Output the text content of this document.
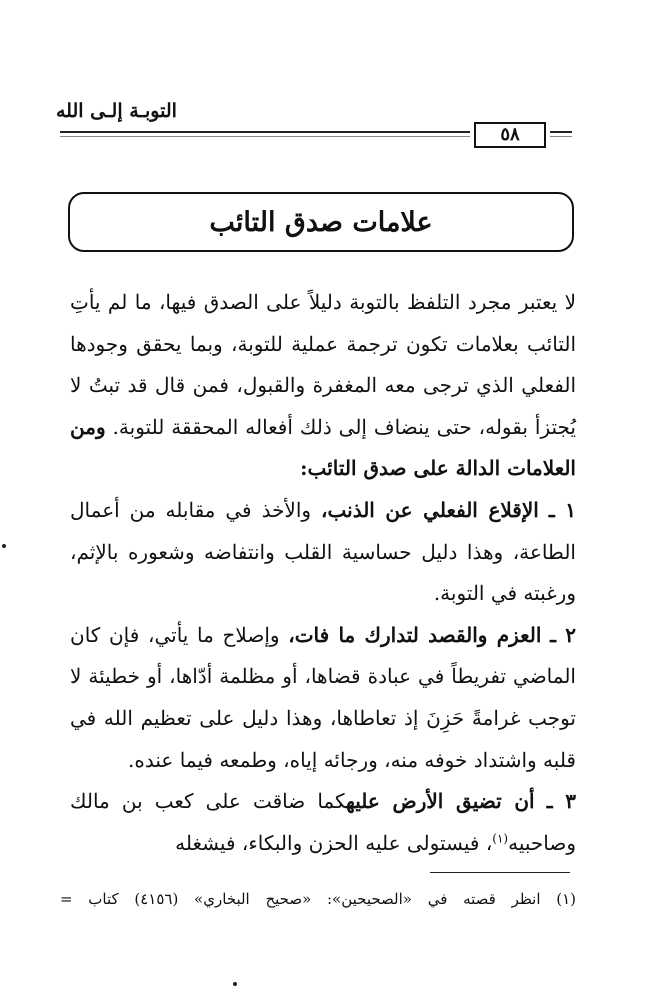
التوبـة إلـى الله
٥٨
علامات صدق التائب

لا يعتبر مجرد التلفظ بالتوبة دليلاً على الصدق فيها، ما لم يأتِ التائب بعلامات تكون ترجمة عملية للتوبة، وبما يحقق وجودها الفعلي الذي ترجى معه المغفرة والقبول، فمن قال قد تبتُ لا يُجتزأ بقوله، حتى ينضاف إلى ذلك أفعاله المحققة للتوبة. ومن العلامات الدالة على صدق التائب:

١ ـ الإقلاع الفعلي عن الذنب، والأخذ في مقابله من أعمال الطاعة، وهذا دليل حساسية القلب وانتفاضه وشعوره بالإثم، ورغبته في التوبة.

٢ ـ العزم والقصد لتدارك ما فات، وإصلاح ما يأتي، فإن كان الماضي تفريطاً في عبادة قضاها، أو مظلمة أدّاها، أو خطيئة لا توجب غرامةً حَزِنَ إذ تعاطاها، وهذا دليل على تعظيم الله في قلبه واشتداد خوفه منه، ورجائه إياه، وطمعه فيما عنده.

٣ ـ أن تضيق الأرض عليهكما ضاقت على كعب بن مالك وصاحبيه$^{(١)}$، فيستولى عليه الحزن والبكاء، فيشغله

(١) انظر قصته في «الصحيحين»: «صحيح البخاري» (٤١٥٦) كتاب =
